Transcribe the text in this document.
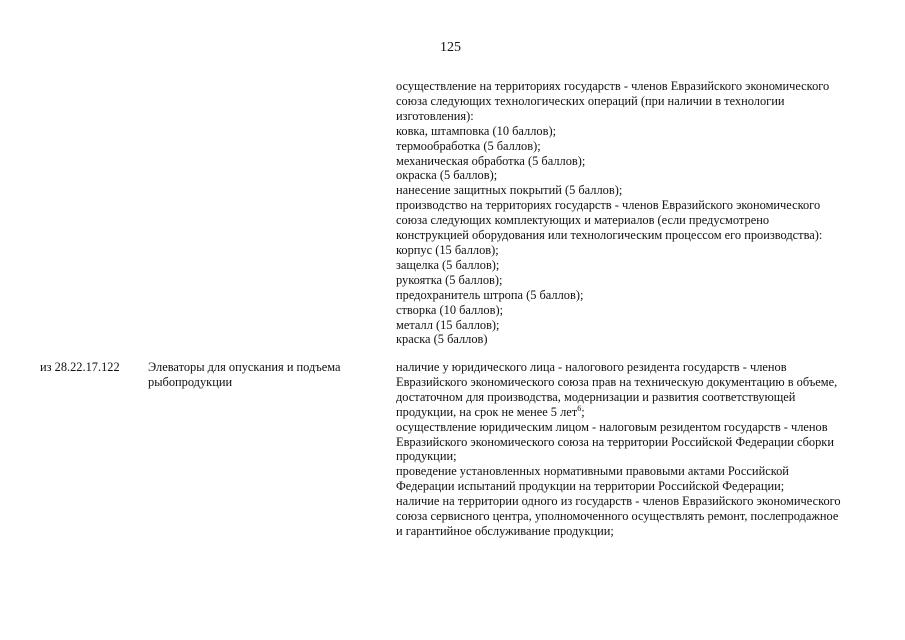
125
осуществление на территориях государств - членов Евразийского экономического
союза следующих технологических операций (при наличии в технологии
изготовления):
ковка, штамповка (10 баллов);
термообработка (5 баллов);
механическая обработка (5 баллов);
окраска (5 баллов);
нанесение защитных покрытий (5 баллов);
производство на территориях государств - членов Евразийского экономического
союза следующих комплектующих и материалов (если предусмотрено
конструкцией оборудования или технологическим процессом его производства):
корпус (15 баллов);
защелка (5 баллов);
рукоятка (5 баллов);
предохранитель штропа (5 баллов);
створка (10 баллов);
металл (15 баллов);
краска (5 баллов)
из 28.22.17.122	Элеваторы для опускания и подъема
рыбопродукции
наличие у юридического лица - налогового резидента государств - членов
Евразийского экономического союза прав на техническую документацию в объеме,
достаточном для производства, модернизации и развития соответствующей
продукции, на срок не менее 5 лет$^6$;
осуществление юридическим лицом - налоговым резидентом государств - членов
Евразийского экономического союза на территории Российской Федерации сборки
продукции;
проведение установленных нормативными правовыми актами Российской
Федерации испытаний продукции на территории Российской Федерации;
наличие на территории одного из государств - членов Евразийского экономического
союза сервисного центра, уполномоченного осуществлять ремонт, послепродажное
и гарантийное обслуживание продукции;
